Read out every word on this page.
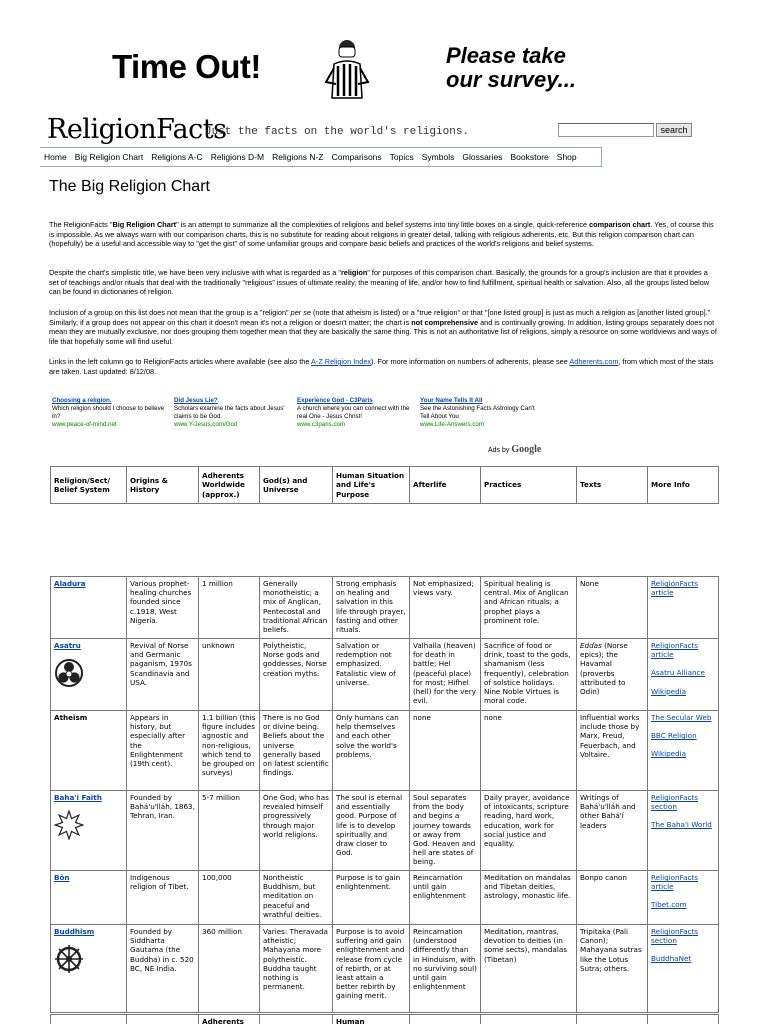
Time Out!	Please take
our survey...
ReligionFacts
Just the facts on the world's religions.	search
Home Big Religion Chart Religions A-C Religions D-M Religions N-Z Comparisons Topics Symbols Glossaries Bookstore Shop
The Big Religion Chart

The ReligionFacts "Big Religion Chart" is an attempt to summarize all the complexities of religions and belief systems into tiny little boxes on a single, quick-reference comparison chart. Yes, of course this is impossible. As we always warn with our comparison charts, this is no substitute for reading about religions in greater detail, talking with religious adherents, etc. But this religion comparison chart can (hopefully) be a useful and accessible way to "get the gist" of some unfamiliar groups and compare basic beliefs and practices of the world's religions and belief systems.

Despite the chart's simplistic title, we have been very inclusive with what is regarded as a "religion" for purposes of this comparison chart. Basically, the grounds for a group's inclusion are that it provides a set of teachings and/or rituals that deal with the traditionally "religious" issues of ultimate reality, the meaning of life, and/or how to find fulfillment, spiritual health or salvation. Also, all the groups listed below can be found in dictionaries of religion.

Inclusion of a group on this list does not mean that the group is a "religion" per se (note that atheism is listed) or a "true religion" or that "[one listed group] is just as much a religion as [another listed group]." Similarly, if a group does not appear on this chart it doesn't mean it's not a religion or doesn't matter; the chart is not comprehensive and is continually growing. In addition, listing groups separately does not mean they are mutually exclusive, nor does grouping them together mean that they are basically the same thing. This is not an authoritative list of religions, simply a resource on some worldviews and ways of life that hopefully some will find useful.

Links in the left column go to ReligionFacts articles where available (see also the A-Z Religion Index). For more information on numbers of adherents, please see Adherents.com, from which most of the stats are taken. Last updated: 8/12/08.

Choosing a religion.
Which religion should I choose to believe in?
www.peace-of-mind.net
Did Jesus Lie?
Scholars examine the facts about Jesus' claims to be God
www.Y-Jesus.com/God
Experience God - C3Paris
A church where you can connect with the real One - Jesus Christ!
www.c3paris.com
Your Name Tells It All
See the Astonishing Facts Astrology Can't Tell About You
www.Life-Answers.com
Ads by Google
Religion/Sect/ Belief System	Origins & History	Adherents Worldwide (approx.)	God(s) and Universe	Human Situation and Life's Purpose	Afterlife	Practices	Texts	More Info
Aladura	Various prophet-healing churches founded since c.1918, West Nigeria.	1 million	Generally monotheistic; a mix of Anglican, Pentecostal and traditional African beliefs.	Strong emphasis on healing and salvation in this life through prayer, fasting and other rituals.	Not emphasized; views vary.	Spiritual healing is central. Mix of Anglican and African rituals; a prophet plays a prominent role.	None	ReligionFacts article

Asatru	Revival of Norse and Germanic paganism, 1970s Scandinavia and USA.	unknown	Polytheistic, Norse gods and goddesses, Norse creation myths.	Salvation or redemption not emphasized. Fatalistic view of universe.	Valhalla (heaven) for death in battle; Hel (peaceful place) for most; Hifhel (hell) for the very evil.	Sacrifice of food or drink, toast to the gods, shamanism (less frequently), celebration of solstice holidays. Nine Noble Virtues is moral code.	Eddas (Norse epics); the Havamal (proverbs attributed to Odin)	ReligionFacts article
Asatru Alliance
Wikipedia

Atheism	Appears in history, but especially after the Enlightenment (19th cent).	1.1 billion (this figure includes agnostic and non-religious, which tend to be grouped on surveys)	There is no God or divine being. Beliefs about the universe generally based on latest scientific findings.	Only humans can help themselves and each other solve the world's problems.	none	none	Influential works include those by Marx, Freud, Feuerbach, and Voltaire.	The Secular Web
BBC Religion
Wikipedia

Baha'i Faith	Founded by Bahá'u'lláh, 1863, Tehran, Iran.	5-7 million	One God, who has revealed himself progressively through major world religions.	The soul is eternal and essentially good. Purpose of life is to develop spiritually and draw closer to God.	Soul separates from the body and begins a journey towards or away from God. Heaven and hell are states of being.	Daily prayer, avoidance of intoxicants, scripture reading, hard work, education, work for social justice and equality.	Writings of Bahá'u'lláh and other Bahá'í leaders	ReligionFacts section
The Baha'i World

Bön	Indigenous religion of Tibet.	100,000	Nontheistic Buddhism, but meditation on peaceful and wrathful deities.	Purpose is to gain enlightenment.	Reincarnation until gain enlightenment	Meditation on mandalas and Tibetan deities, astrology, monastic life.	Bonpo canon	ReligionFacts article
Tibet.com

Buddhism	Founded by Siddharta Gautama (the Buddha) in c. 520 BC, NE India.	360 million	Varies: Theravada atheistic; Mahayana more polytheistic. Buddha taught nothing is permanent.	Purpose is to avoid suffering and gain enlightenment and release from cycle of rebirth, or at least attain a better rebirth by gaining merit.	Reincarnation (understood differently than in Hinduism, with no surviving soul) until gain enlightenment	Meditation, mantras, devotion to deities (in some sects), mandalas (Tibetan)	Tripitaka (Pali Canon); Mahayana sutras like the Lotus Sutra; others.	ReligionFacts section
BuddhaNet
		Adherents		Human				
